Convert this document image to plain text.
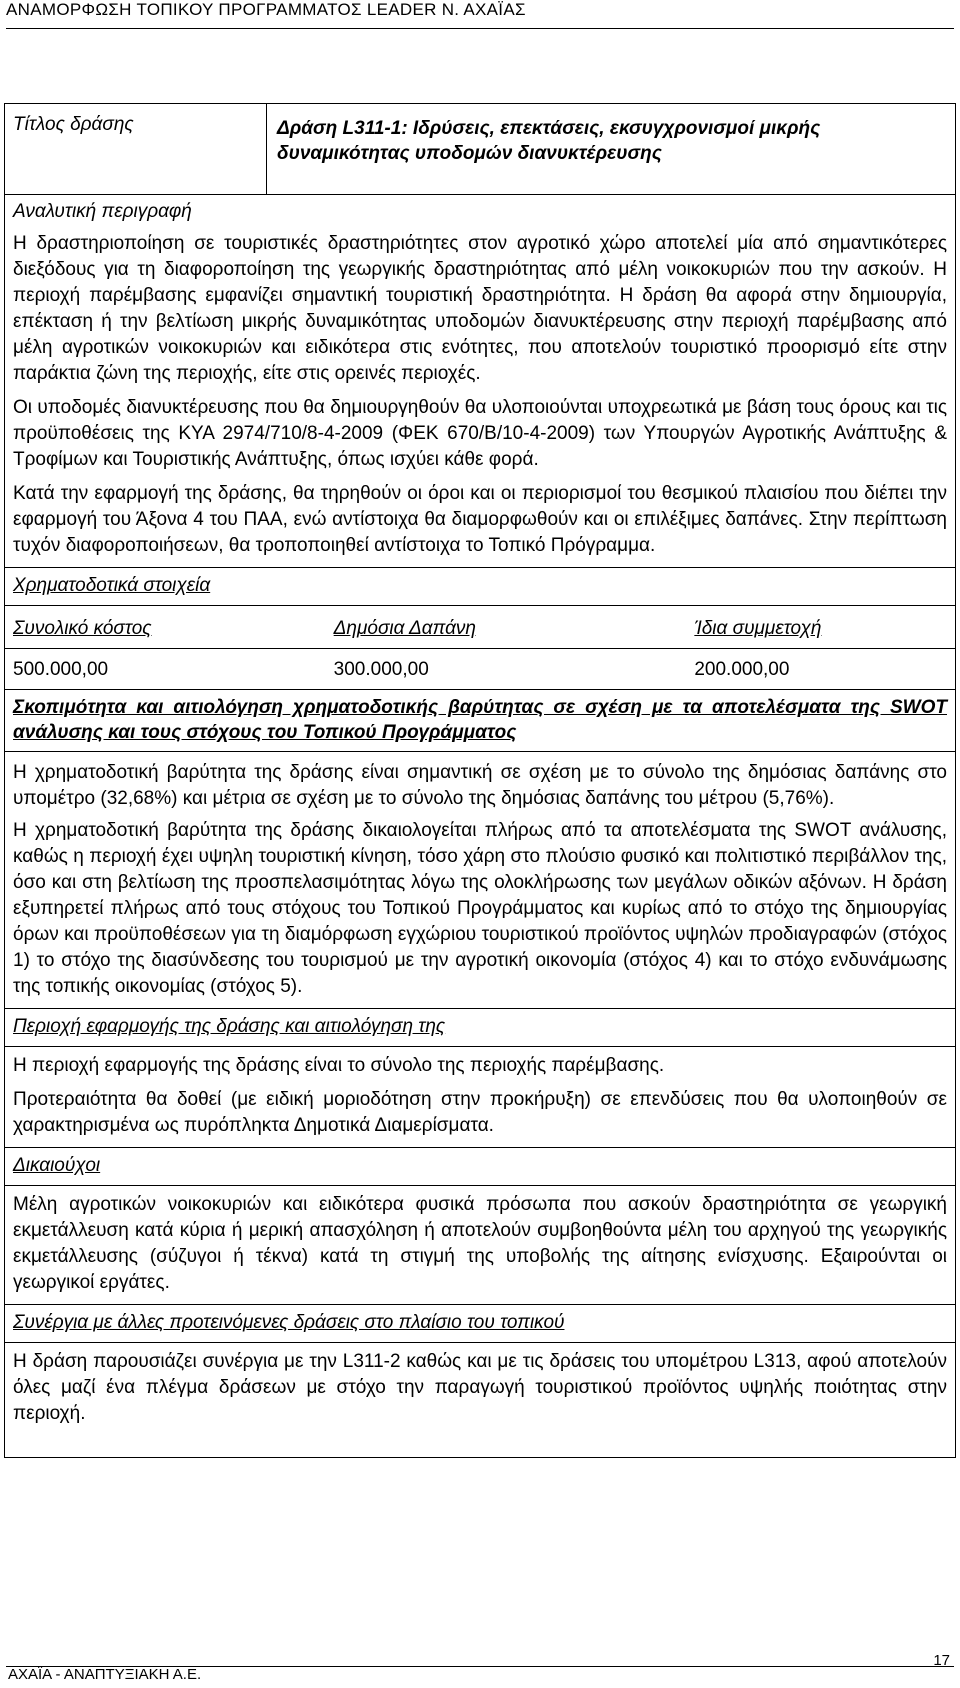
ΑΝΑΜΟΡΦΩΣΗ ΤΟΠΙΚΟΥ ΠΡΟΓΡΑΜΜΑΤΟΣ LEADER Ν. ΑΧΑΪΑΣ
Τίτλος δράσης	Δράση L311-1: Ιδρύσεις, επεκτάσεις, εκσυγχρονισμοί μικρής δυναμικότητας υποδομών διανυκτέρευσης
Αναλυτική περιγραφή

Η δραστηριοποίηση σε τουριστικές δραστηριότητες στον αγροτικό χώρο αποτελεί μία από σημαντικότερες διεξόδους για τη διαφοροποίηση της γεωργικής δραστηριότητας από μέλη νοικοκυριών που την ασκούν. Η περιοχή παρέμβασης εμφανίζει σημαντική τουριστική δραστηριότητα. Η δράση θα αφορά στην δημιουργία, επέκταση ή την βελτίωση μικρής δυναμικότητας υποδομών διανυκτέρευσης στην περιοχή παρέμβασης από μέλη αγροτικών νοικοκυριών και ειδικότερα στις ενότητες, που αποτελούν τουριστικό προορισμό είτε στην παράκτια ζώνη της περιοχής, είτε στις ορεινές περιοχές.

Οι υποδομές διανυκτέρευσης που θα δημιουργηθούν θα υλοποιούνται υποχρεωτικά με βάση τους όρους και τις προϋποθέσεις της ΚΥΑ 2974/710/8-4-2009 (ΦΕΚ 670/Β/10-4-2009) των Υπουργών Αγροτικής Ανάπτυξης & Τροφίμων και Τουριστικής Ανάπτυξης, όπως ισχύει κάθε φορά.

Κατά την εφαρμογή της δράσης, θα τηρηθούν οι όροι και οι περιορισμοί του θεσμικού πλαισίου που διέπει την εφαρμογή του Άξονα 4 του ΠΑΑ, ενώ αντίστοιχα θα διαμορφωθούν και οι επιλέξιμες δαπάνες. Στην περίπτωση τυχόν διαφοροποιήσεων, θα τροποποιηθεί αντίστοιχα το Τοπικό Πρόγραμμα.

Χρηματοδοτικά στοιχεία
Συνολικό κόστος	Δημόσια Δαπάνη	Ίδια συμμετοχή
500.000,00	300.000,00	200.000,00
Σκοπιμότητα και αιτιολόγηση χρηματοδοτικής βαρύτητας σε σχέση με τα αποτελέσματα της SWOT ανάλυσης και τους στόχους του Τοπικού Προγράμματος

Η χρηματοδοτική βαρύτητα της δράσης είναι σημαντική σε σχέση με το σύνολο της δημόσιας δαπάνης στο υπομέτρο (32,68%) και μέτρια σε σχέση με το σύνολο της δημόσιας δαπάνης του μέτρου (5,76%).

Η χρηματοδοτική βαρύτητα της δράσης δικαιολογείται πλήρως από τα αποτελέσματα της SWOT ανάλυσης, καθώς η περιοχή έχει υψηλη τουριστική κίνηση, τόσο χάρη στο πλούσιο φυσικό και πολιτιστικό περιβάλλον της, όσο και στη βελτίωση της προσπελασιμότητας λόγω της ολοκλήρωσης των μεγάλων οδικών αξόνων. Η δράση εξυπηρετεί πλήρως από τους στόχους του Τοπικού Προγράμματος και κυρίως από το στόχο της δημιουργίας όρων και προϋποθέσεων για τη διαμόρφωση εγχώριου τουριστικού προϊόντος υψηλών προδιαγραφών (στόχος 1) το στόχο της διασύνδεσης του τουρισμού με την αγροτική οικονομία (στόχος 4) και το στόχο ενδυνάμωσης της τοπικής οικονομίας (στόχος 5).

Περιοχή εφαρμογής της δράσης και αιτιολόγηση της

Η περιοχή εφαρμογής της δράσης είναι το σύνολο της περιοχής παρέμβασης.

Προτεραιότητα θα δοθεί (με ειδική μοριοδότηση στην προκήρυξη) σε επενδύσεις που θα υλοποιηθούν σε χαρακτηρισμένα ως πυρόπληκτα Δημοτικά Διαμερίσματα.

Δικαιούχοι

Μέλη αγροτικών νοικοκυριών και ειδικότερα φυσικά πρόσωπα που ασκούν δραστηριότητα σε γεωργική εκμετάλλευση κατά κύρια ή μερική απασχόληση ή αποτελούν συμβοηθούντα μέλη του αρχηγού της γεωργικής εκμετάλλευσης (σύζυγοι ή τέκνα) κατά τη στιγμή της υποβολής της αίτησης ενίσχυσης. Εξαιρούνται οι γεωργικοί εργάτες.

Συνέργια με άλλες προτεινόμενες δράσεις στο πλαίσιο του τοπικού

Η δράση παρουσιάζει συνέργια με την L311-2 καθώς και με τις δράσεις του υπομέτρου L313, αφού αποτελούν όλες μαζί ένα πλέγμα δράσεων με στόχο την παραγωγή τουριστικού προϊόντος υψηλής ποιότητας στην περιοχή.

17
ΑΧΑΪΑ - ΑΝΑΠΤΥΞΙΑΚΗ Α.Ε.
